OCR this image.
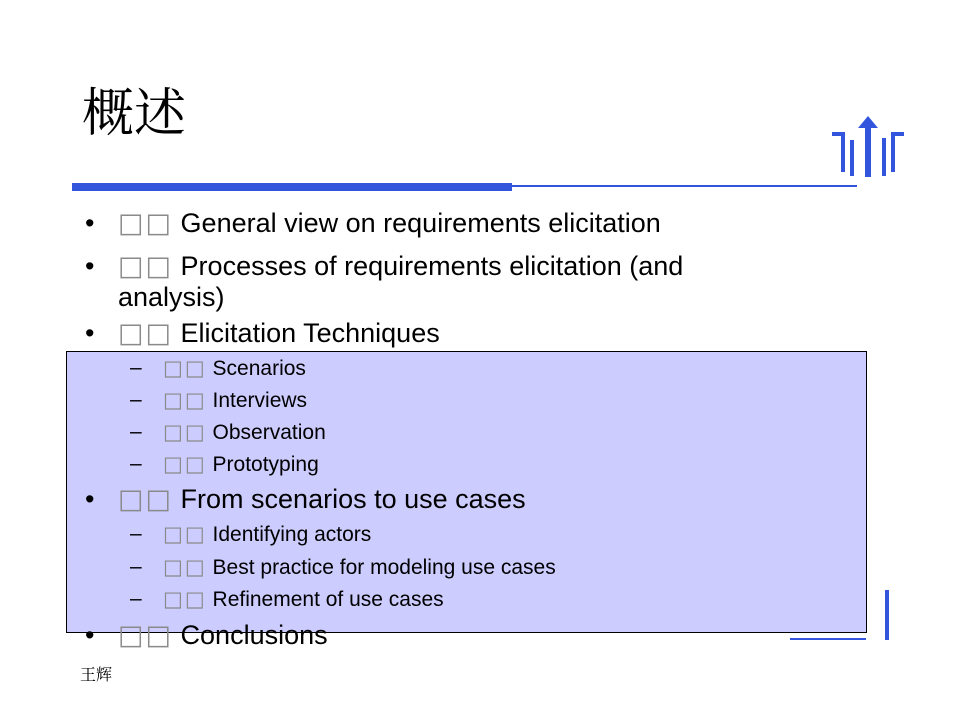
概述
• □□ General view on requirements elicitation
• □□ Processes of requirements elicitation (and
analysis)
• □□ Elicitation Techniques
– □□ Scenarios
– □□ Interviews
– □□ Observation
– □□ Prototyping
• □□ From scenarios to use cases
– □□ Identifying actors
– □□ Best practice for modeling use cases
– □□ Refinement of use cases
• □□ Conclusions
王辉
